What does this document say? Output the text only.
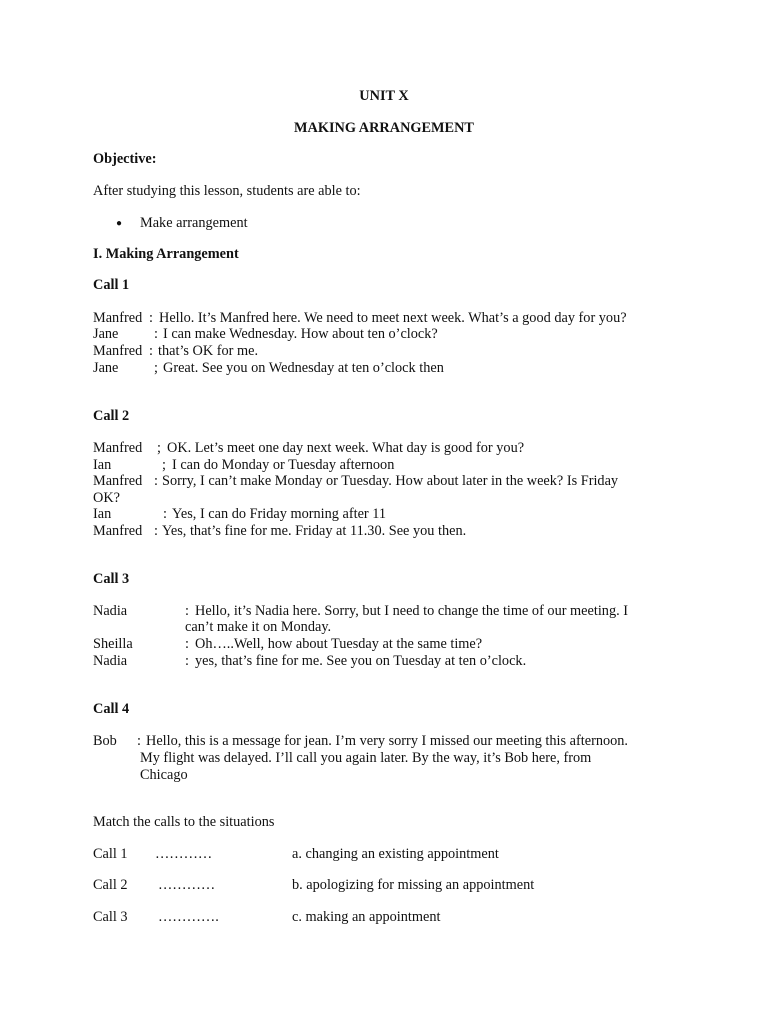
UNIT X
MAKING ARRANGEMENT
Objective:
After studying this lesson, students are able to:
● Make arrangement
I. Making Arrangement
Call 1
Manfred : Hello. It’s Manfred here. We need to meet next week. What’s a good day for you?
Jane : I can make Wednesday. How about ten o’clock?
Manfred : that’s OK for me.
Jane ; Great. See you on Wednesday at ten o’clock then
Call 2
Manfred ; OK. Let’s meet one day next week. What day is good for you?
Ian	; I can do Monday or Tuesday afternoon
Manfred : Sorry, I can’t make Monday or Tuesday. How about later in the week? Is Friday
OK?
Ian	: Yes, I can do Friday morning after 11
Manfred : Yes, that’s fine for me. Friday at 11.30. See you then.
Call 3
Nadia	: Hello, it’s Nadia here. Sorry, but I need to change the time of our meeting. I
can’t make it on Monday.
Sheilla	: Oh…..Well, how about Tuesday at the same time?
Nadia	: yes, that’s fine for me. See you on Tuesday at ten o’clock.
Call 4
Bob : Hello, this is a message for jean. I’m very sorry I missed our meeting this afternoon.
My flight was delayed. I’ll call you again later. By the way, it’s Bob here, from
Chicago
Match the calls to the situations
Call 1 …………	a. changing an existing appointment
Call 2 …………	b. apologizing for missing an appointment
Call 3 ………….	c. making an appointment
